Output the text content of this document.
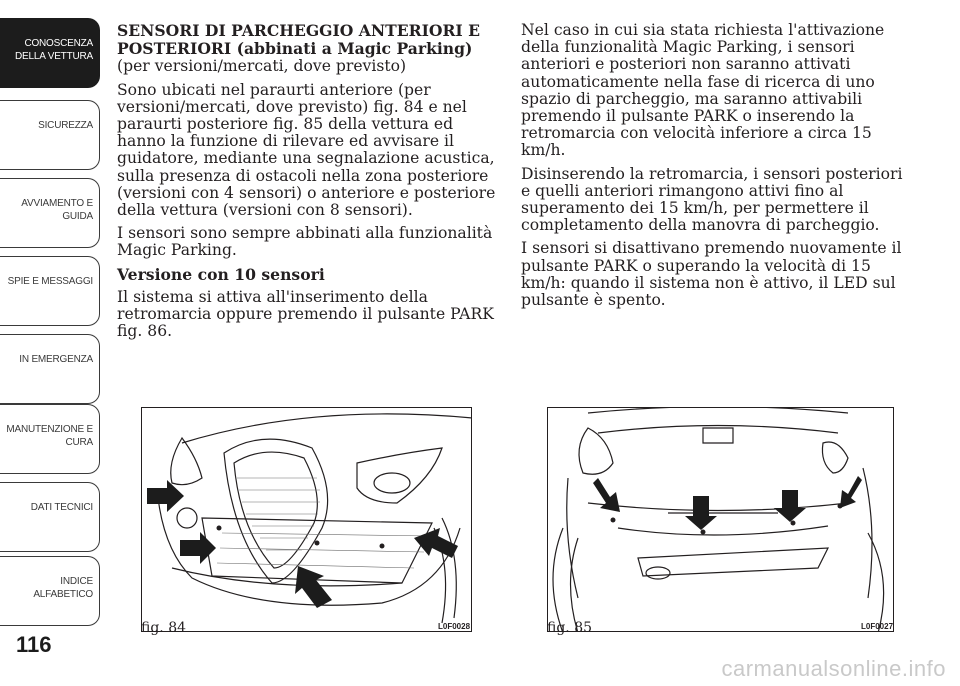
CONOSCENZA DELLA VETTURA
SICUREZZA
AVVIAMENTO E GUIDA
SPIE E MESSAGGI
IN EMERGENZA
MANUTENZIONE E CURA
DATI TECNICI
INDICE ALFABETICO
116

SENSORI DI PARCHEGGIO ANTERIORI E POSTERIORI (abbinati a Magic Parking)

(per versioni/mercati, dove previsto)

Sono ubicati nel paraurti anteriore (per versioni/mercati, dove previsto) fig. 84 e nel paraurti posteriore fig. 85 della vettura ed hanno la funzione di rilevare ed avvisare il guidatore, mediante una segnalazione acustica, sulla presenza di ostacoli nella zona posteriore (versioni con 4 sensori) o anteriore e posteriore della vettura (versioni con 8 sensori).

I sensori sono sempre abbinati alla funzionalità Magic Parking.

Versione con 10 sensori

Il sistema si attiva all'inserimento della retromarcia oppure premendo il pulsante PARK fig. 86.

Nel caso in cui sia stata richiesta l'attivazione della funzionalità Magic Parking, i sensori anteriori e posteriori non saranno attivati automaticamente nella fase di ricerca di uno spazio di parcheggio, ma saranno attivabili premendo il pulsante PARK o inserendo la retromarcia con velocità inferiore a circa 15 km/h.

Disinserendo la retromarcia, i sensori posteriori e quelli anteriori rimangono attivi fino al superamento dei 15 km/h, per permettere il completamento della manovra di parcheggio.

I sensori si disattivano premendo nuovamente il pulsante PARK o superando la velocità di 15 km/h: quando il sistema non è attivo, il LED sul pulsante è spento.

fig. 84	L0F0028	fig. 85	L0F0027
carmanualsonline.info
